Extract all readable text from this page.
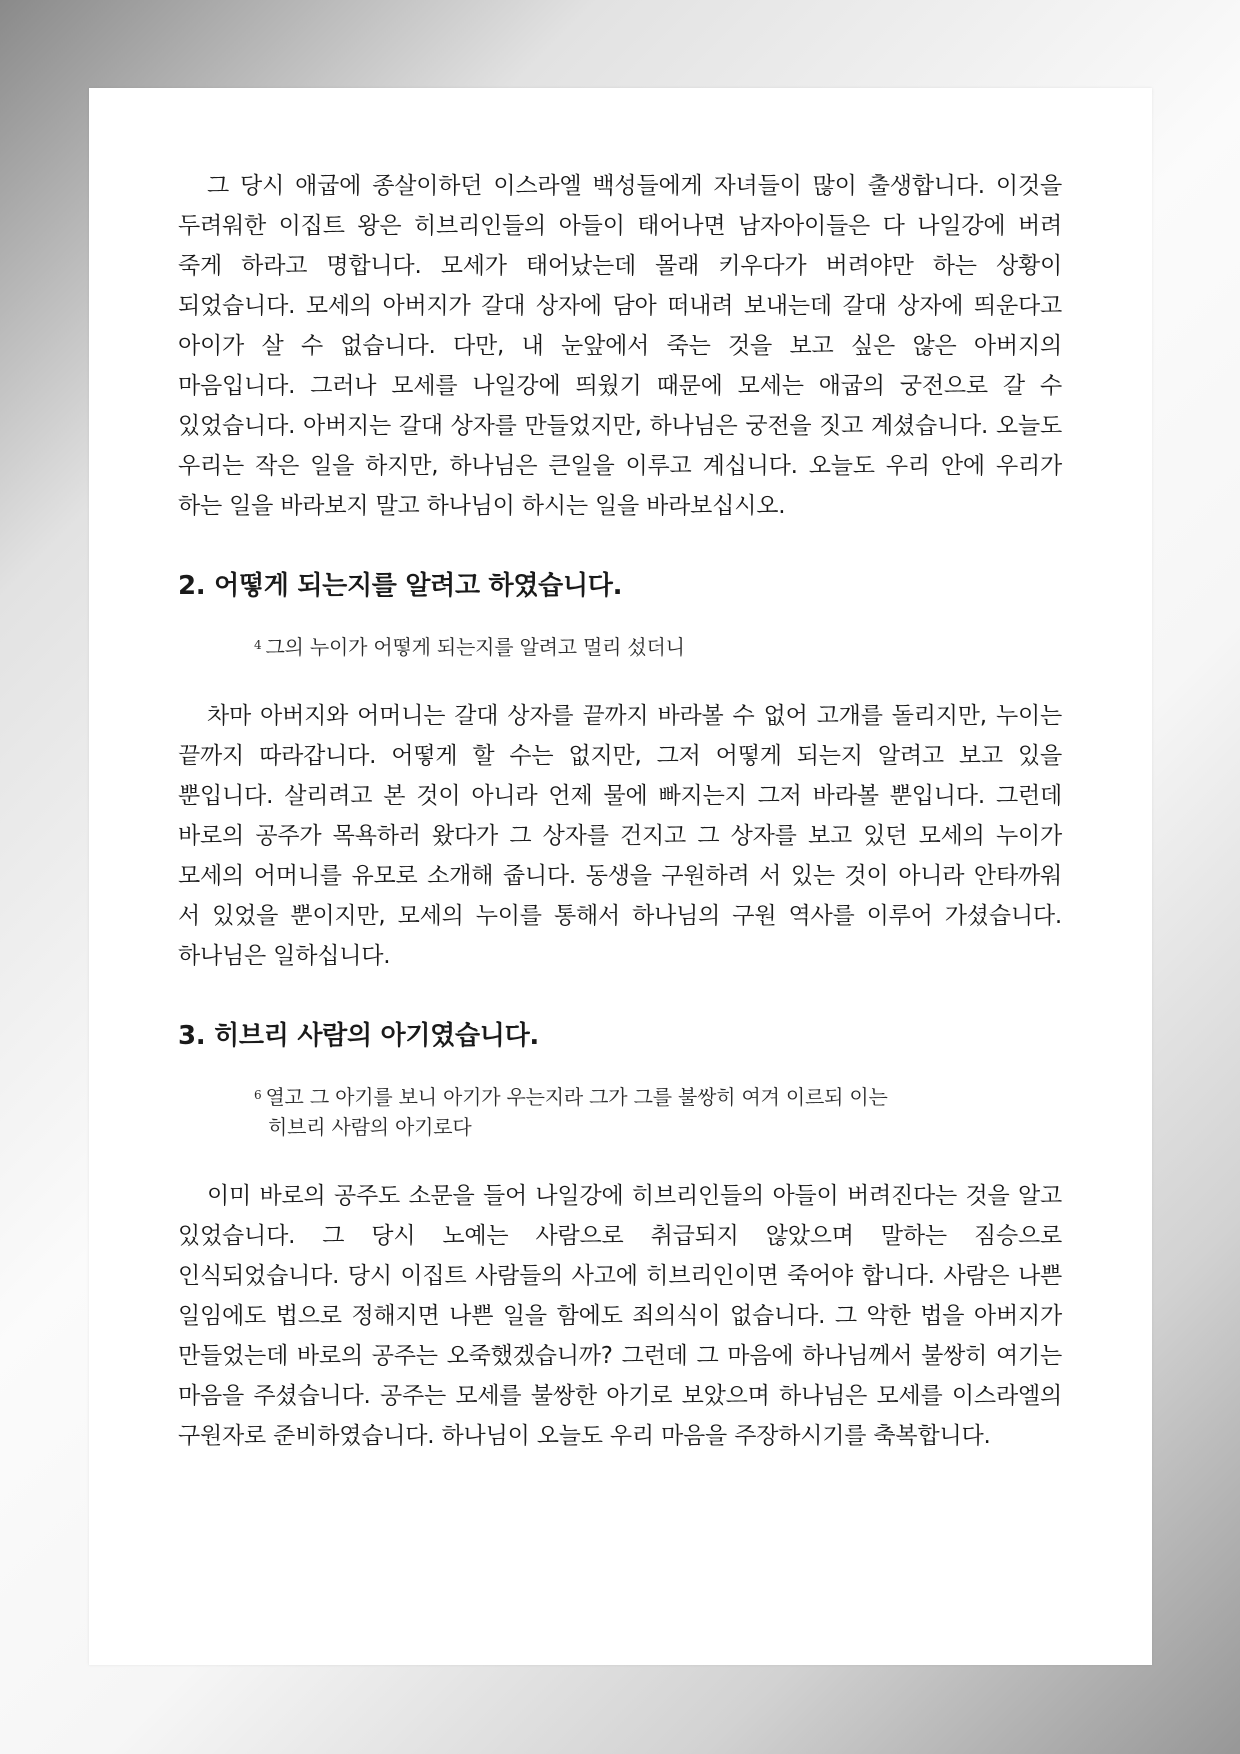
그 당시 애굽에 종살이하던 이스라엘 백성들에게 자녀들이 많이 출생합니다. 이것을 두려워한 이집트 왕은 히브리인들의 아들이 태어나면 남자아이들은 다 나일강에 버려 죽게 하라고 명합니다. 모세가 태어났는데 몰래 키우다가 버려야만 하는 상황이 되었습니다. 모세의 아버지가 갈대 상자에 담아 떠내려 보내는데 갈대 상자에 띄운다고 아이가 살 수 없습니다. 다만, 내 눈앞에서 죽는 것을 보고 싶은 않은 아버지의 마음입니다. 그러나 모세를 나일강에 띄웠기 때문에 모세는 애굽의 궁전으로 갈 수 있었습니다. 아버지는 갈대 상자를 만들었지만, 하나님은 궁전을 짓고 계셨습니다. 오늘도 우리는 작은 일을 하지만, 하나님은 큰일을 이루고 계십니다. 오늘도 우리 안에 우리가 하는 일을 바라보지 말고 하나님이 하시는 일을 바라보십시오.

2. 어떻게 되는지를 알려고 하였습니다.

$^4$ 그의 누이가 어떻게 되는지를 알려고 멀리 섰더니

차마 아버지와 어머니는 갈대 상자를 끝까지 바라볼 수 없어 고개를 돌리지만, 누이는 끝까지 따라갑니다. 어떻게 할 수는 없지만, 그저 어떻게 되는지 알려고 보고 있을 뿐입니다. 살리려고 본 것이 아니라 언제 물에 빠지는지 그저 바라볼 뿐입니다. 그런데 바로의 공주가 목욕하러 왔다가 그 상자를 건지고 그 상자를 보고 있던 모세의 누이가 모세의 어머니를 유모로 소개해 줍니다. 동생을 구원하려 서 있는 것이 아니라 안타까워 서 있었을 뿐이지만, 모세의 누이를 통해서 하나님의 구원 역사를 이루어 가셨습니다. 하나님은 일하십니다.

3. 히브리 사람의 아기였습니다.

$^6$ 열고 그 아기를 보니 아기가 우는지라 그가 그를 불쌍히 여겨 이르되 이는
히브리 사람의 아기로다

이미 바로의 공주도 소문을 들어 나일강에 히브리인들의 아들이 버려진다는 것을 알고 있었습니다. 그 당시 노예는 사람으로 취급되지 않았으며 말하는 짐승으로 인식되었습니다. 당시 이집트 사람들의 사고에 히브리인이면 죽어야 합니다. 사람은 나쁜 일임에도 법으로 정해지면 나쁜 일을 함에도 죄의식이 없습니다. 그 악한 법을 아버지가 만들었는데 바로의 공주는 오죽했겠습니까? 그런데 그 마음에 하나님께서 불쌍히 여기는 마음을 주셨습니다. 공주는 모세를 불쌍한 아기로 보았으며 하나님은 모세를 이스라엘의 구원자로 준비하였습니다. 하나님이 오늘도 우리 마음을 주장하시기를 축복합니다.
